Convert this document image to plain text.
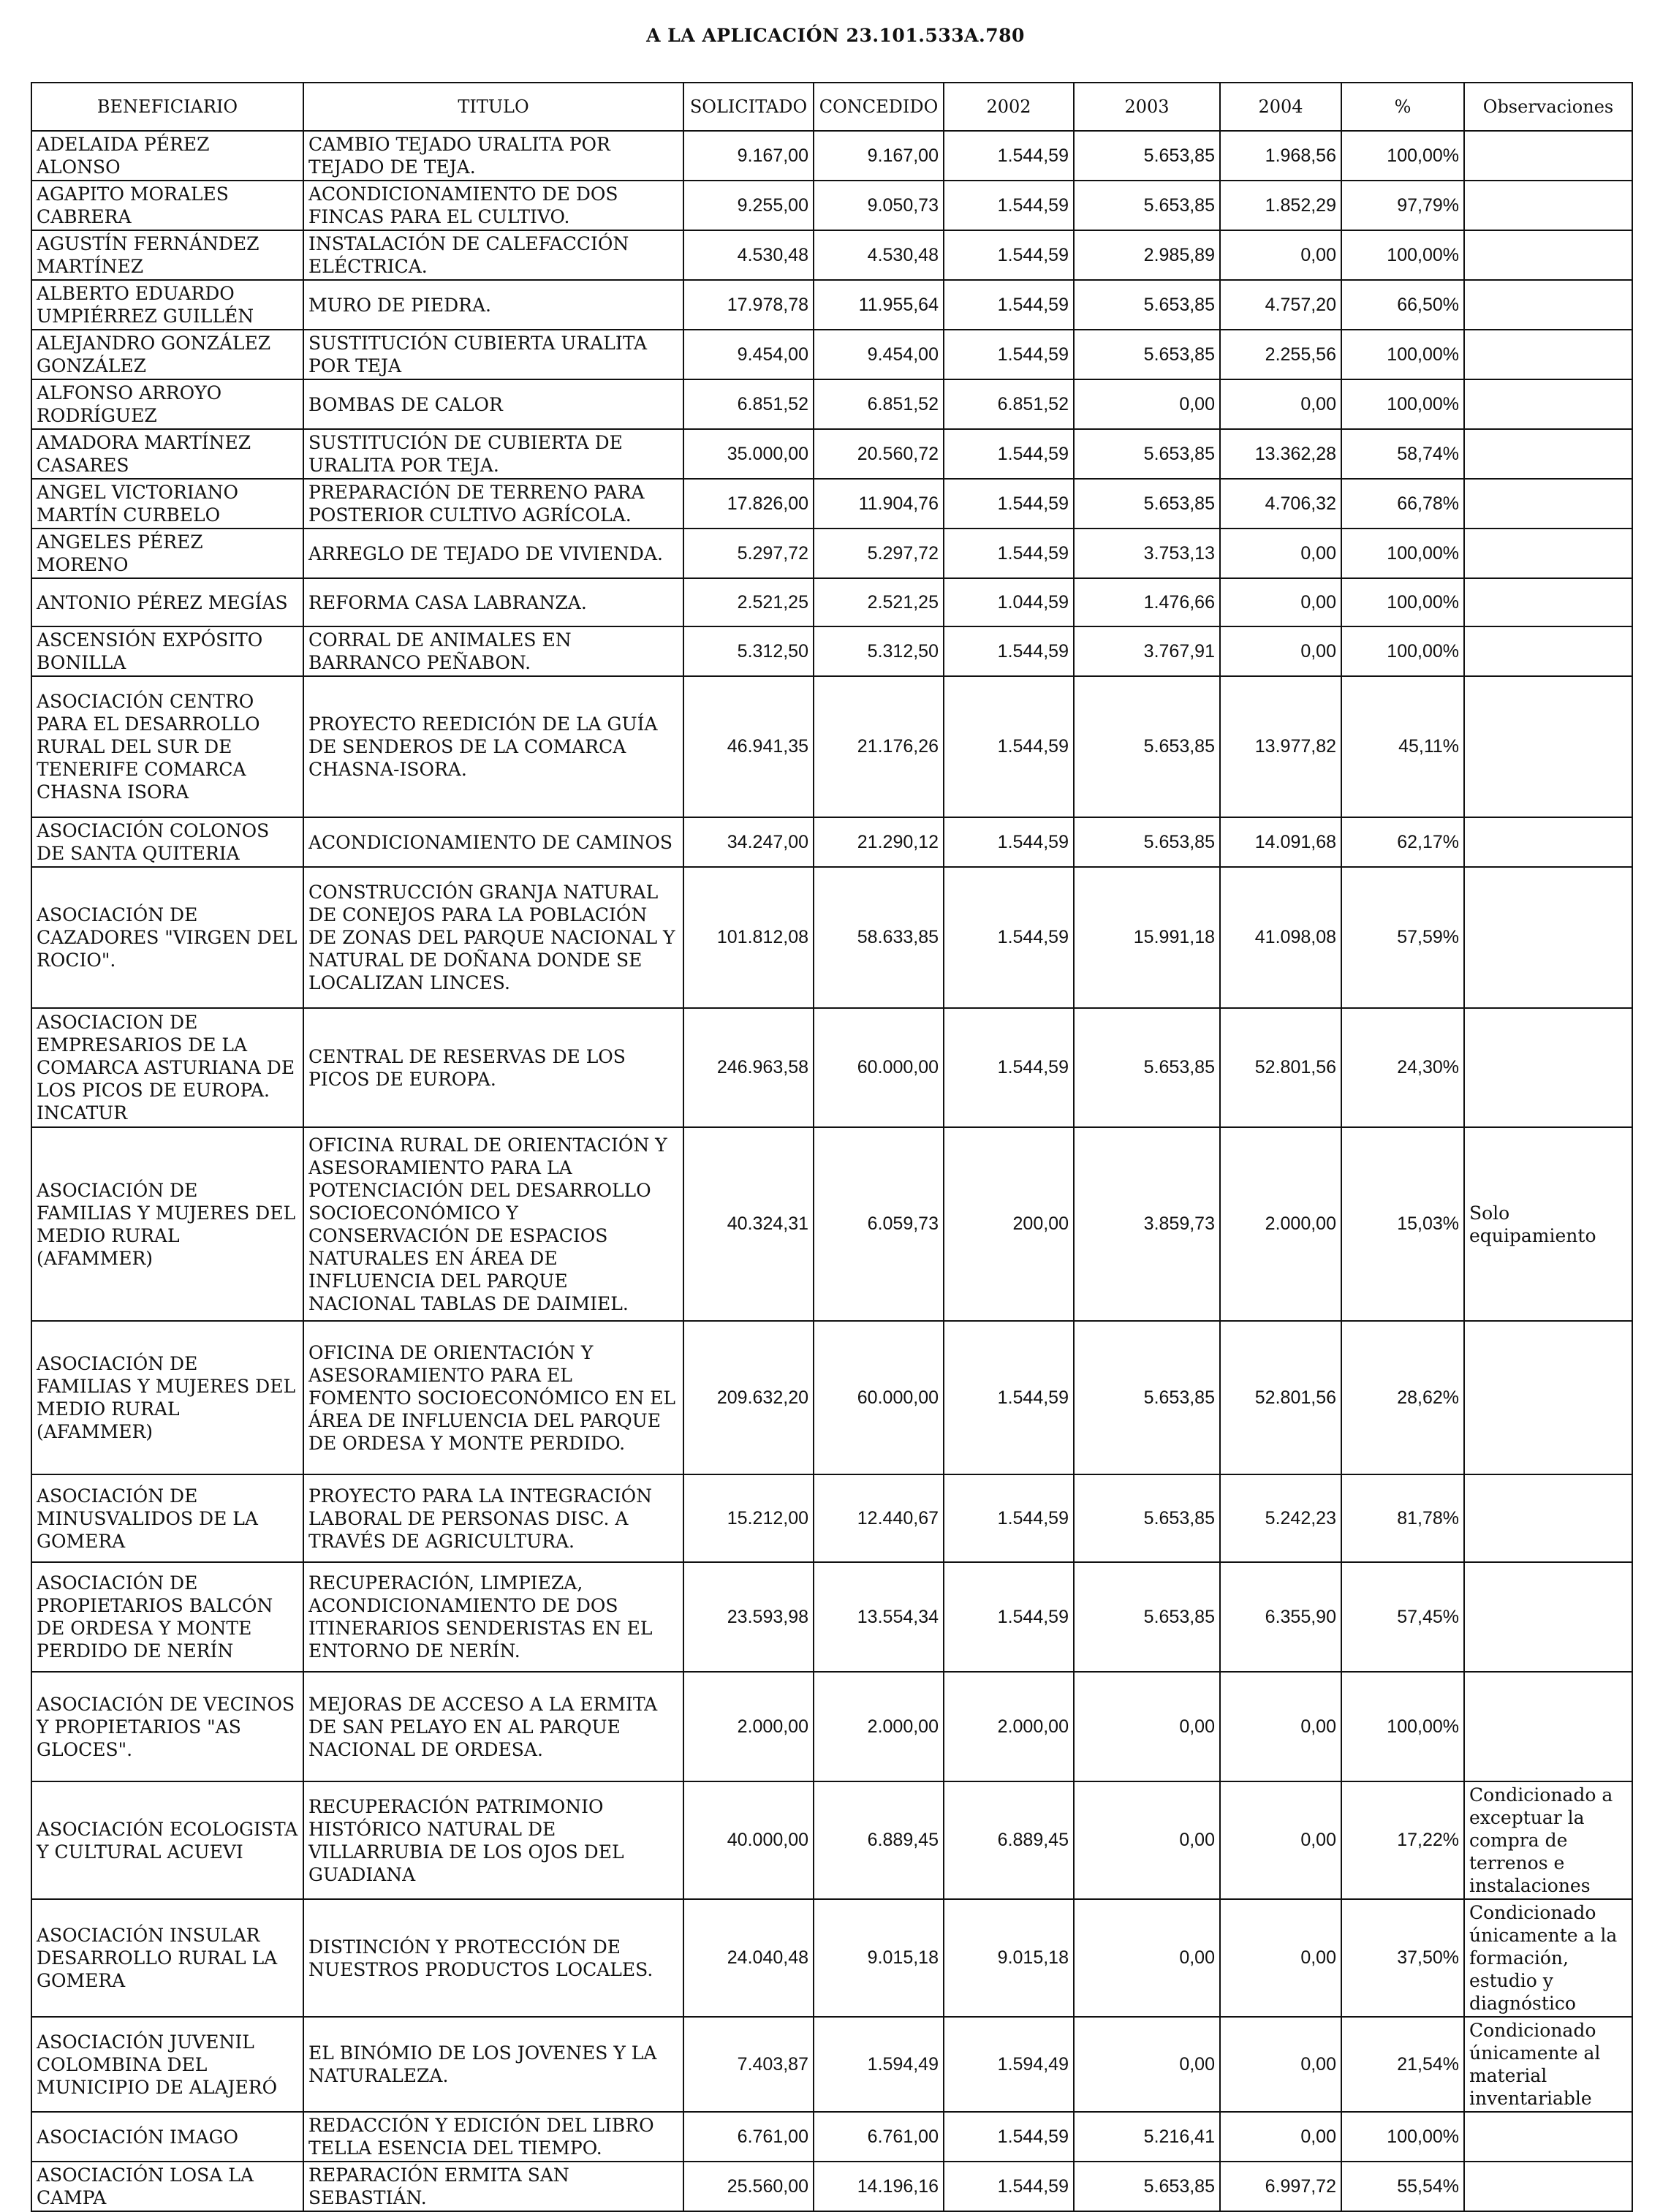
A LA APLICACIÓN 23.101.533A.780
BENEFICIARIO	TITULO	SOLICITADO	CONCEDIDO	2002	2003	2004	%	Observaciones
ADELAIDA PÉREZ ALONSO	CAMBIO TEJADO URALITA POR TEJADO DE TEJA.	9.167,00	9.167,00	1.544,59	5.653,85	1.968,56	100,00%	
AGAPITO MORALES CABRERA	ACONDICIONAMIENTO DE DOS FINCAS PARA EL CULTIVO.	9.255,00	9.050,73	1.544,59	5.653,85	1.852,29	97,79%	
AGUSTÍN FERNÁNDEZ MARTÍNEZ	INSTALACIÓN DE CALEFACCIÓN ELÉCTRICA.	4.530,48	4.530,48	1.544,59	2.985,89	0,00	100,00%	
ALBERTO EDUARDO UMPIÉRREZ GUILLÉN	MURO DE PIEDRA.	17.978,78	11.955,64	1.544,59	5.653,85	4.757,20	66,50%	
ALEJANDRO GONZÁLEZ GONZÁLEZ	SUSTITUCIÓN CUBIERTA URALITA POR TEJA	9.454,00	9.454,00	1.544,59	5.653,85	2.255,56	100,00%	
ALFONSO ARROYO RODRÍGUEZ	BOMBAS DE CALOR	6.851,52	6.851,52	6.851,52	0,00	0,00	100,00%	
AMADORA MARTÍNEZ CASARES	SUSTITUCIÓN DE CUBIERTA DE URALITA POR TEJA.	35.000,00	20.560,72	1.544,59	5.653,85	13.362,28	58,74%	
ANGEL VICTORIANO MARTÍN CURBELO	PREPARACIÓN DE TERRENO PARA POSTERIOR CULTIVO AGRÍCOLA.	17.826,00	11.904,76	1.544,59	5.653,85	4.706,32	66,78%	
ANGELES PÉREZ MORENO	ARREGLO DE TEJADO DE VIVIENDA.	5.297,72	5.297,72	1.544,59	3.753,13	0,00	100,00%	
ANTONIO PÉREZ MEGÍAS	REFORMA CASA LABRANZA.	2.521,25	2.521,25	1.044,59	1.476,66	0,00	100,00%	
ASCENSIÓN EXPÓSITO BONILLA	CORRAL DE ANIMALES EN BARRANCO PEÑABON.	5.312,50	5.312,50	1.544,59	3.767,91	0,00	100,00%	
ASOCIACIÓN CENTRO PARA EL DESARROLLO RURAL DEL SUR DE TENERIFE COMARCA CHASNA ISORA	PROYECTO REEDICIÓN DE LA GUÍA DE SENDEROS DE LA COMARCA CHASNA-ISORA.	46.941,35	21.176,26	1.544,59	5.653,85	13.977,82	45,11%	
ASOCIACIÓN COLONOS DE SANTA QUITERIA	ACONDICIONAMIENTO DE CAMINOS	34.247,00	21.290,12	1.544,59	5.653,85	14.091,68	62,17%	
ASOCIACIÓN DE CAZADORES "VIRGEN DEL ROCIO".	CONSTRUCCIÓN GRANJA NATURAL DE CONEJOS PARA LA POBLACIÓN DE ZONAS DEL PARQUE NACIONAL Y NATURAL DE DOÑANA DONDE SE LOCALIZAN LINCES.	101.812,08	58.633,85	1.544,59	15.991,18	41.098,08	57,59%	
ASOCIACION DE EMPRESARIOS DE LA COMARCA ASTURIANA DE LOS PICOS DE EUROPA. INCATUR	CENTRAL DE RESERVAS DE LOS PICOS DE EUROPA.	246.963,58	60.000,00	1.544,59	5.653,85	52.801,56	24,30%	
ASOCIACIÓN DE FAMILIAS Y MUJERES DEL MEDIO RURAL (AFAMMER)	OFICINA RURAL DE ORIENTACIÓN Y ASESORAMIENTO PARA LA POTENCIACIÓN DEL DESARROLLO SOCIOECONÓMICO Y CONSERVACIÓN DE ESPACIOS NATURALES EN ÁREA DE INFLUENCIA DEL PARQUE NACIONAL TABLAS DE DAIMIEL.	40.324,31	6.059,73	200,00	3.859,73	2.000,00	15,03%	Solo equipamiento
ASOCIACIÓN DE FAMILIAS Y MUJERES DEL MEDIO RURAL (AFAMMER)	OFICINA DE ORIENTACIÓN Y ASESORAMIENTO PARA EL FOMENTO SOCIOECONÓMICO EN EL ÁREA DE INFLUENCIA DEL PARQUE DE ORDESA Y MONTE PERDIDO.	209.632,20	60.000,00	1.544,59	5.653,85	52.801,56	28,62%	
ASOCIACIÓN DE MINUSVALIDOS DE LA GOMERA	PROYECTO PARA LA INTEGRACIÓN LABORAL DE PERSONAS DISC. A TRAVÉS DE AGRICULTURA.	15.212,00	12.440,67	1.544,59	5.653,85	5.242,23	81,78%	
ASOCIACIÓN DE PROPIETARIOS BALCÓN DE ORDESA Y MONTE PERDIDO DE NERÍN	RECUPERACIÓN, LIMPIEZA, ACONDICIONAMIENTO DE DOS ITINERARIOS SENDERISTAS EN EL ENTORNO DE NERÍN.	23.593,98	13.554,34	1.544,59	5.653,85	6.355,90	57,45%	
ASOCIACIÓN DE VECINOS Y PROPIETARIOS "AS GLOCES".	MEJORAS DE ACCESO A LA ERMITA DE SAN PELAYO EN AL PARQUE NACIONAL DE ORDESA.	2.000,00	2.000,00	2.000,00	0,00	0,00	100,00%	
ASOCIACIÓN ECOLOGISTA Y CULTURAL ACUEVI	RECUPERACIÓN PATRIMONIO HISTÓRICO NATURAL DE VILLARRUBIA DE LOS OJOS DEL GUADIANA	40.000,00	6.889,45	6.889,45	0,00	0,00	17,22%	Condicionado a exceptuar la compra de terrenos e instalaciones
ASOCIACIÓN INSULAR DESARROLLO RURAL LA GOMERA	DISTINCIÓN Y PROTECCIÓN DE NUESTROS PRODUCTOS LOCALES.	24.040,48	9.015,18	9.015,18	0,00	0,00	37,50%	Condicionado únicamente a la formación, estudio y diagnóstico
ASOCIACIÓN JUVENIL COLOMBINA DEL MUNICIPIO DE ALAJERÓ	EL BINÓMIO DE LOS JOVENES Y LA NATURALEZA.	7.403,87	1.594,49	1.594,49	0,00	0,00	21,54%	Condicionado únicamente al material inventariable
ASOCIACIÓN IMAGO	REDACCIÓN Y EDICIÓN DEL LIBRO TELLA ESENCIA DEL TIEMPO.	6.761,00	6.761,00	1.544,59	5.216,41	0,00	100,00%	
ASOCIACIÓN LOSA LA CAMPA	REPARACIÓN ERMITA SAN SEBASTIÁN.	25.560,00	14.196,16	1.544,59	5.653,85	6.997,72	55,54%	
